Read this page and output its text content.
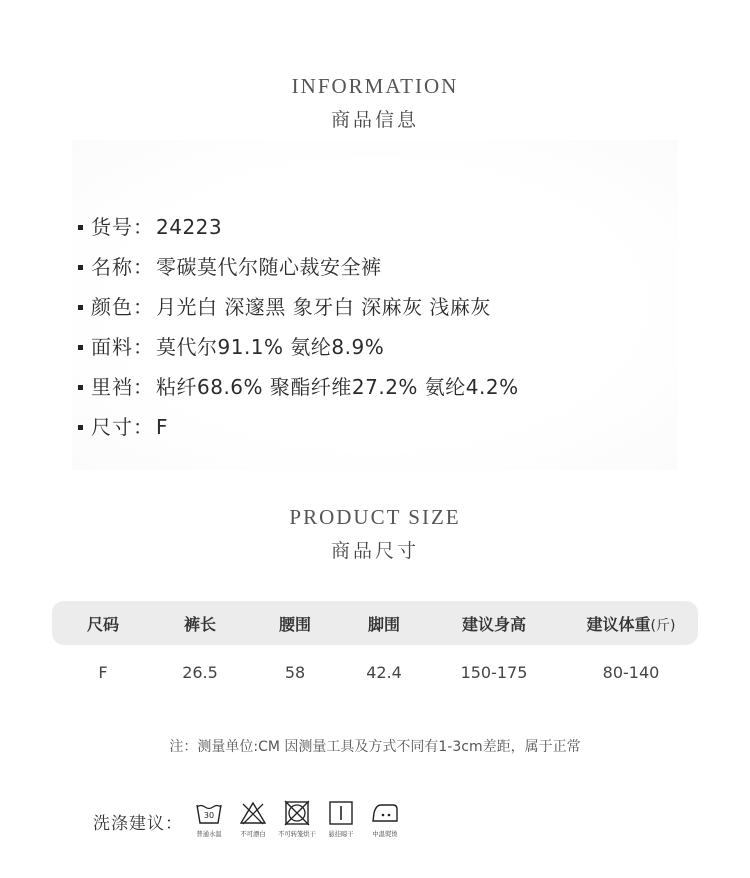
INFORMATION
商品信息
货号： 24223
名称： 零碳莫代尔随心裁安全裤
颜色： 月光白 深邃黑 象牙白 深麻灰 浅麻灰
面料： 莫代尔91.1% 氨纶8.9%
里裆： 粘纤68.6% 聚酯纤维27.2% 氨纶4.2%
尺寸： F
PRODUCT SIZE
商品尺寸
尺码	裤长	腰围	脚围	建议身高	建议体重(斤)
F	26.5	58	42.4	150-175	80-140
注：测量单位:CM 因测量工具及方式不同有1-3cm差距，属于正常
洗涤建议：	30
普通水温	不可漂白 不可转笼烘干 悬挂晾干	中温熨烫
